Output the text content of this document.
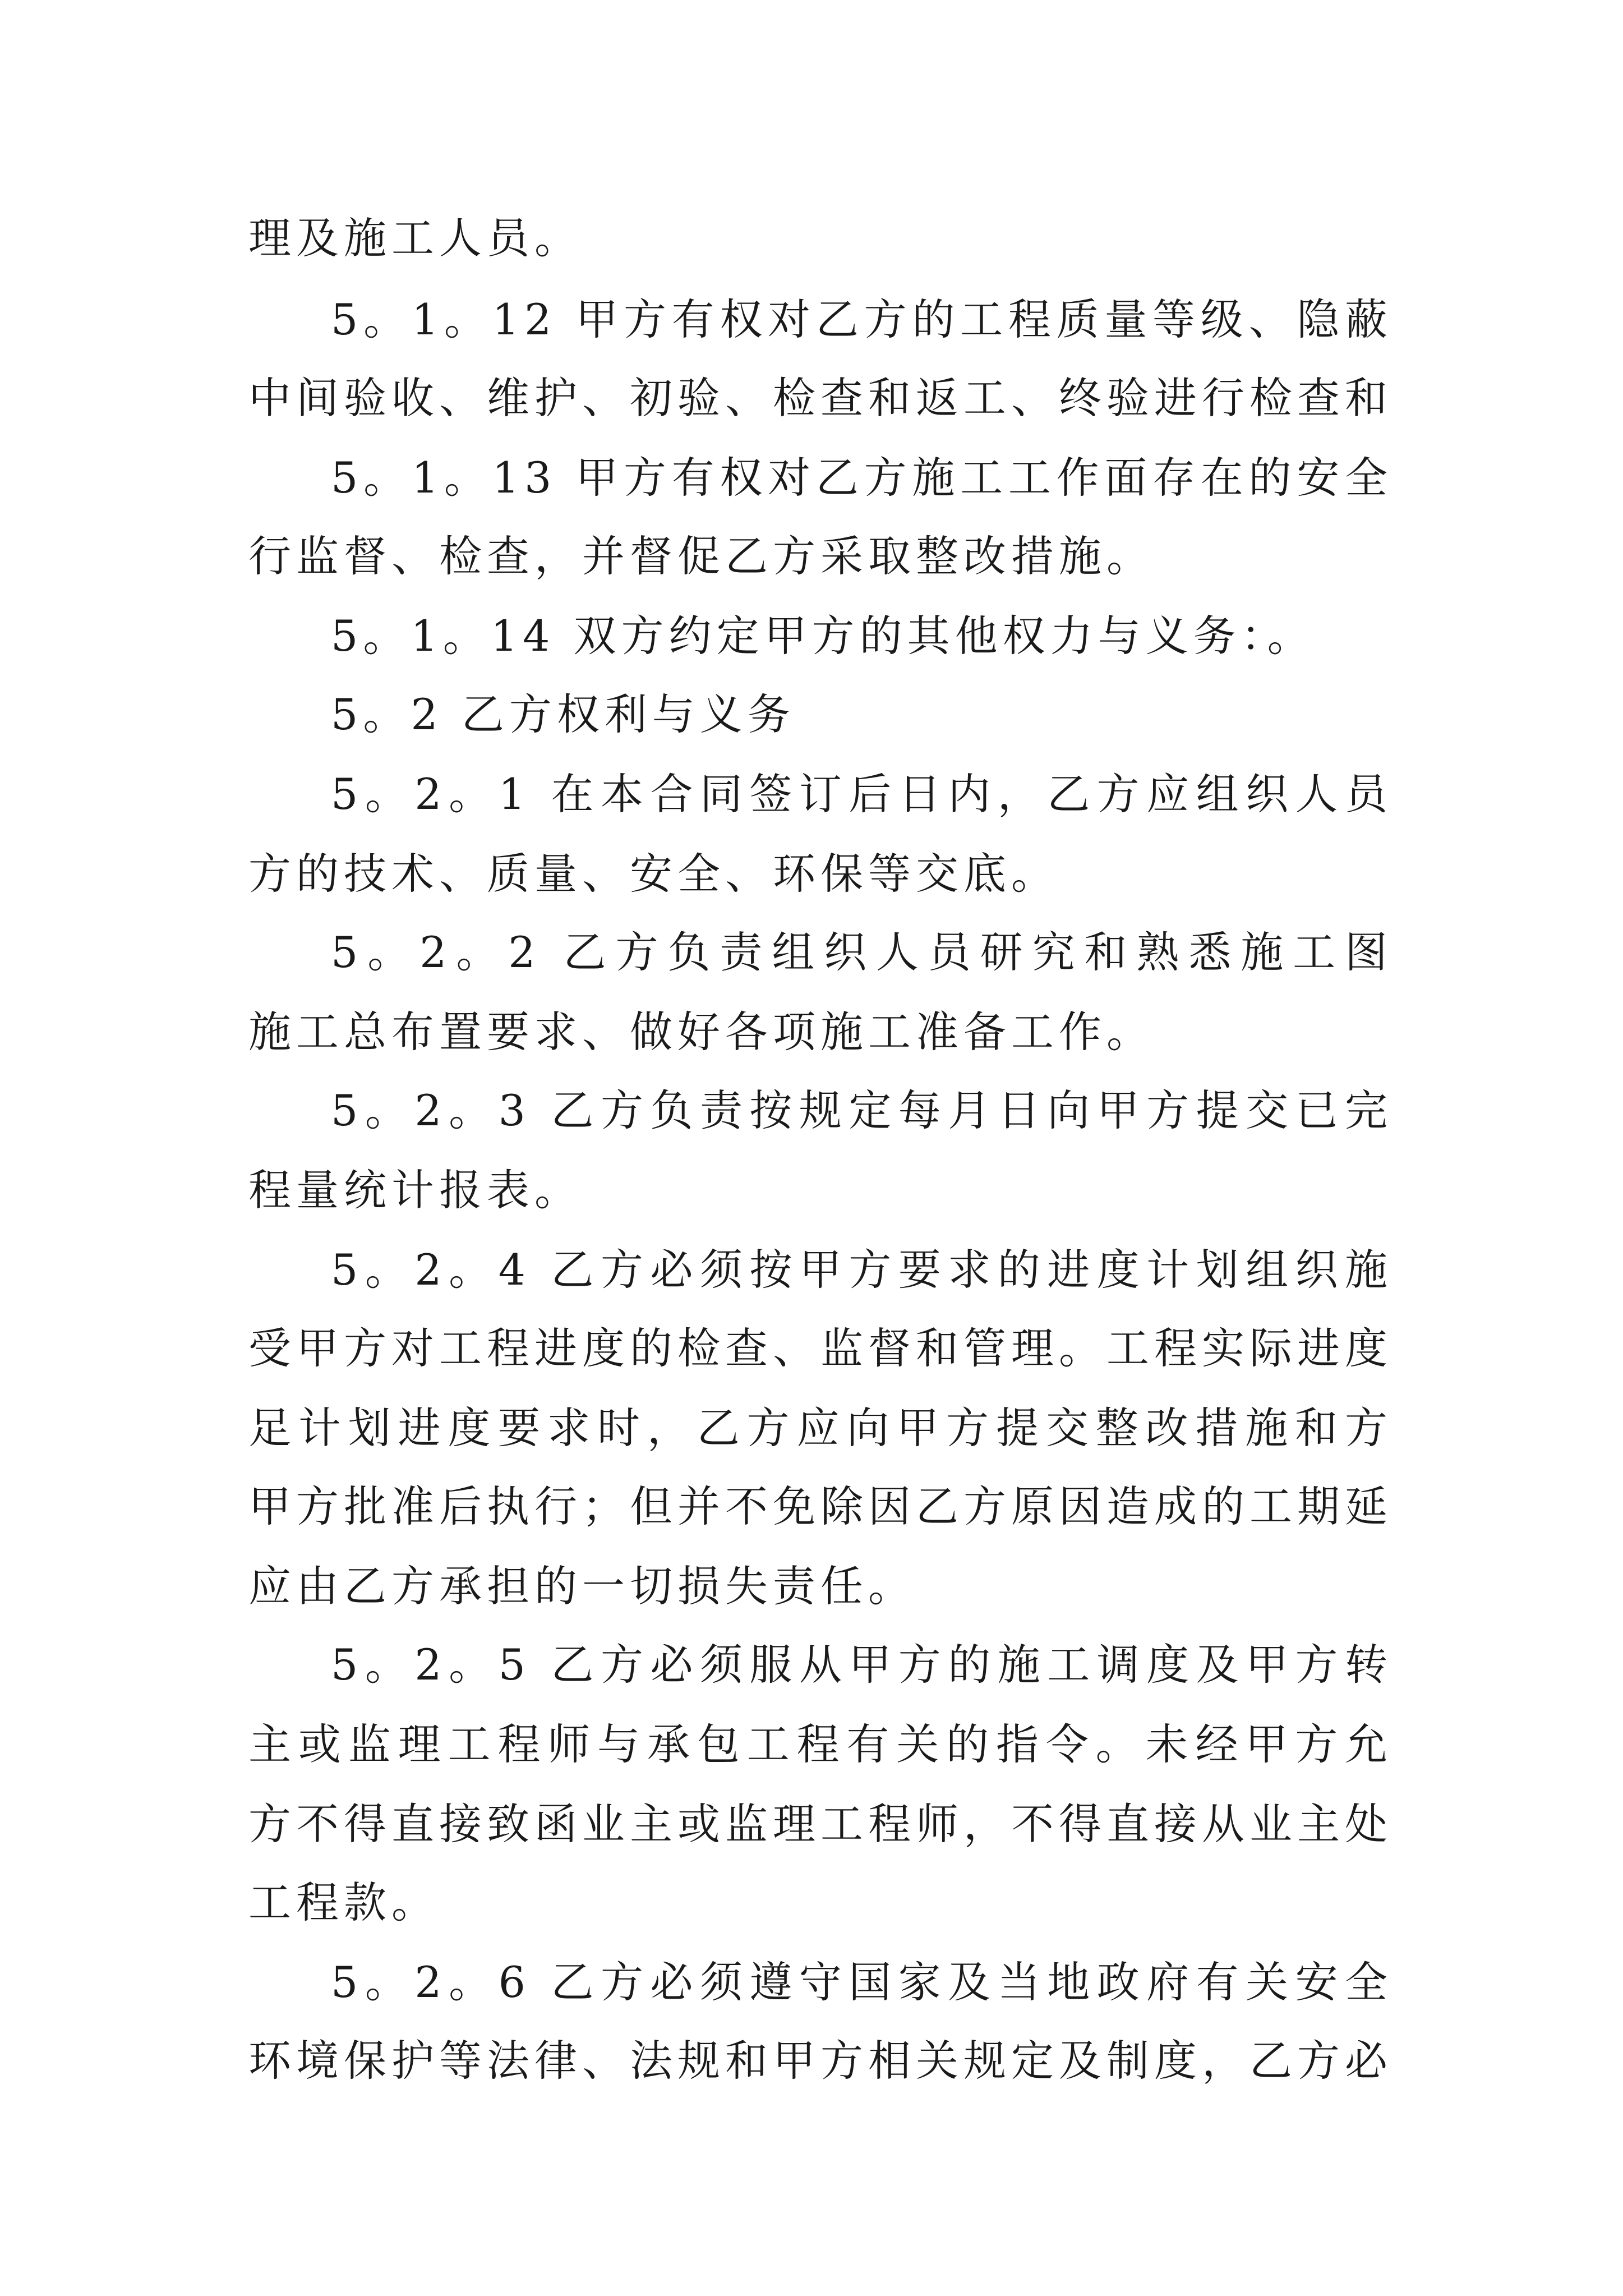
理及施工人员。
5。1。12 甲方有权对乙方的工程质量等级、隐蔽
中间验收、维护、初验、检查和返工、终验进行检查和
5。1。13 甲方有权对乙方施工工作面存在的安全
行监督、检查，并督促乙方采取整改措施。
5。1。14 双方约定甲方的其他权力与义务：。
5。2 乙方权利与义务
5。2。1 在本合同签订后日内，乙方应组织人员
方的技术、质量、安全、环保等交底。
5。2。2 乙方负责组织人员研究和熟悉施工图
施工总布置要求、做好各项施工准备工作。
5。2。3 乙方负责按规定每月日向甲方提交已完
程量统计报表。
5。2。4 乙方必须按甲方要求的进度计划组织施
受甲方对工程进度的检查、监督和管理。工程实际进度
足计划进度要求时，乙方应向甲方提交整改措施和方
甲方批准后执行；但并不免除因乙方原因造成的工期延
应由乙方承担的一切损失责任。
5。2。5 乙方必须服从甲方的施工调度及甲方转
主或监理工程师与承包工程有关的指令。未经甲方允
方不得直接致函业主或监理工程师，不得直接从业主处
工程款。
5。2。6 乙方必须遵守国家及当地政府有关安全
环境保护等法律、法规和甲方相关规定及制度，乙方必
